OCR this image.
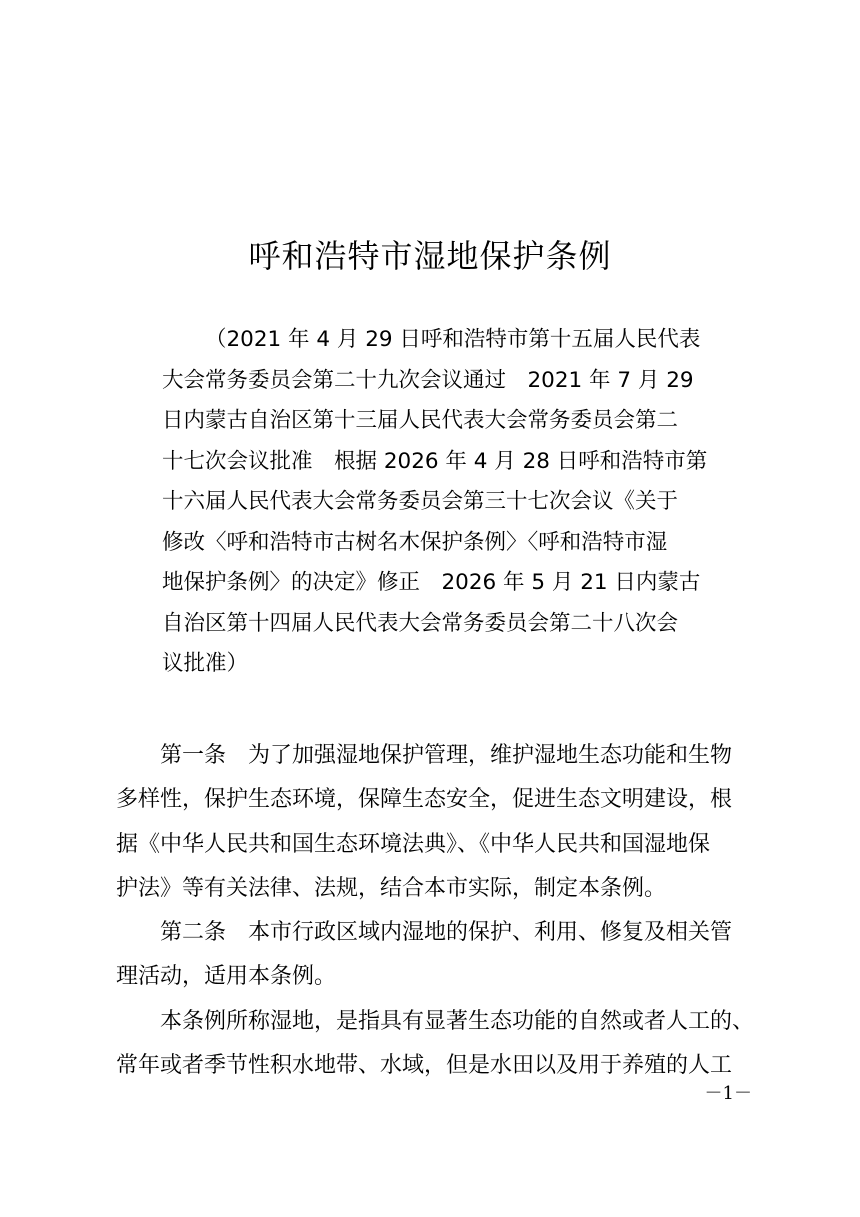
呼和浩特市湿地保护条例
（2021 年 4 月 29 日呼和浩特市第十五届人民代表
大会常务委员会第二十九次会议通过　2021 年 7 月 29
日内蒙古自治区第十三届人民代表大会常务委员会第二
十七次会议批准　根据 2026 年 4 月 28 日呼和浩特市第
十六届人民代表大会常务委员会第三十七次会议《关于
修改〈呼和浩特市古树名木保护条例〉〈呼和浩特市湿
地保护条例〉的决定》修正　2026 年 5 月 21 日内蒙古
自治区第十四届人民代表大会常务委员会第二十八次会
议批准）
第一条　为了加强湿地保护管理，维护湿地生态功能和生物
多样性，保护生态环境，保障生态安全，促进生态文明建设，根
据《中华人民共和国生态环境法典》、《中华人民共和国湿地保
护法》等有关法律、法规，结合本市实际，制定本条例。
第二条　本市行政区域内湿地的保护、利用、修复及相关管
理活动，适用本条例。
本条例所称湿地，是指具有显著生态功能的自然或者人工的、
常年或者季节性积水地带、水域，但是水田以及用于养殖的人工
－1－
